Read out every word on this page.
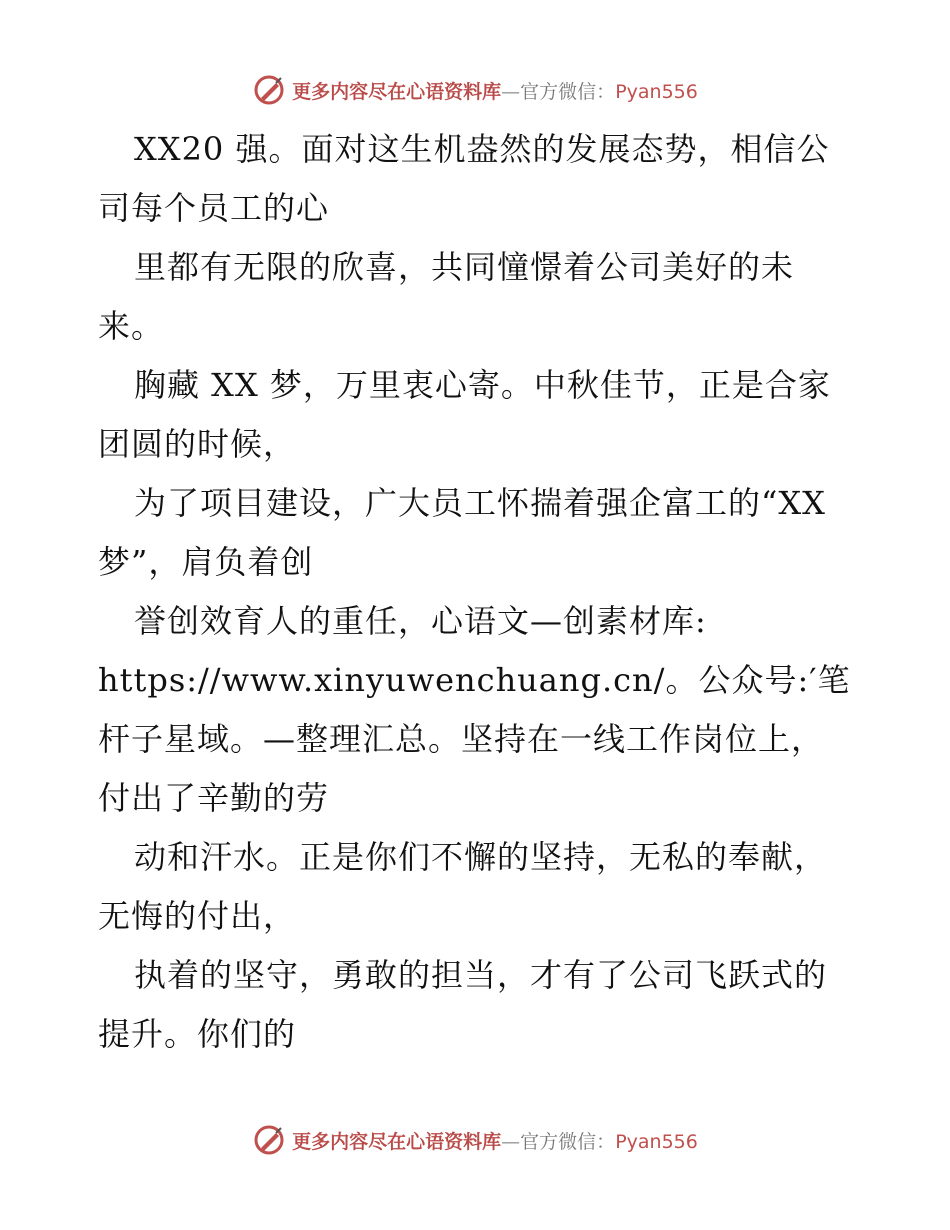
更多内容尽在心语资料库—官方微信：Pyan556
XX20 强。面对这生机盎然的发展态势，相信公
司每个员工的心
里都有无限的欣喜，共同憧憬着公司美好的未
来。
胸藏 XX 梦，万里衷心寄。中秋佳节，正是合家
团圆的时候，
为了项目建设，广大员工怀揣着强企富工的“XX
梦”，肩负着创
誉创效育人的重任，心语文—创素材库:
https://www.xinyuwenchuang.cn/。公众号:′笔
杆子星域。—整理汇总。坚持在一线工作岗位上，
付出了辛勤的劳
动和汗水。正是你们不懈的坚持，无私的奉献，
无悔的付出，
执着的坚守，勇敢的担当，才有了公司飞跃式的
提升。你们的
更多内容尽在心语资料库—官方微信：Pyan556
